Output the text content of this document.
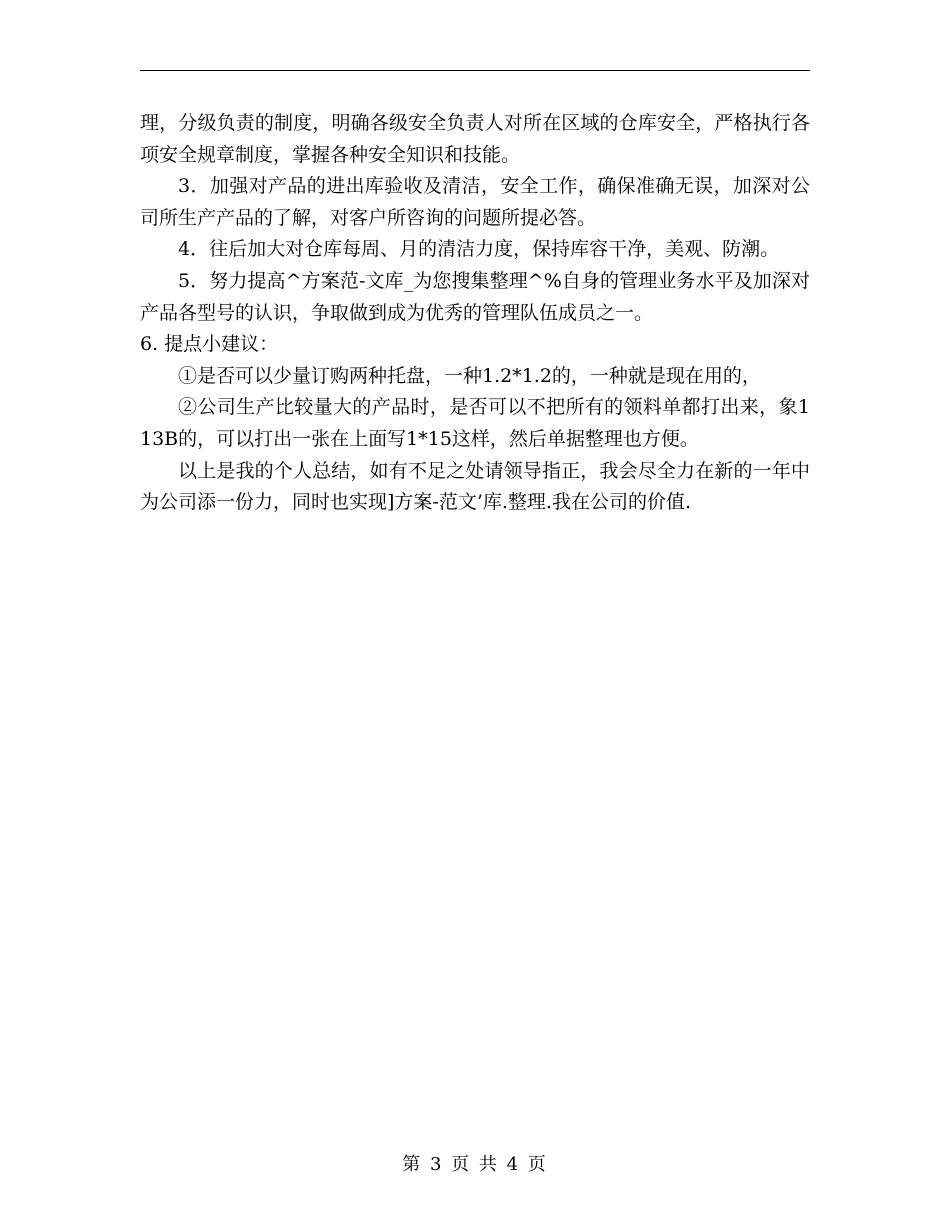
理，分级负责的制度，明确各级安全负责人对所在区域的仓库安全，严格执行各项安全规章制度，掌握各种安全知识和技能。

3．加强对产品的进出库验收及清洁，安全工作，确保准确无误，加深对公司所生产产品的了解，对客户所咨询的问题所提必答。

4．往后加大对仓库每周、月的清洁力度，保持库容干净，美观、防潮。

5．努力提高^方案范-文库_为您搜集整理^%自身的管理业务水平及加深对产品各型号的认识，争取做到成为优秀的管理队伍成员之一。

6. 提点小建议：

①是否可以少量订购两种托盘，一种1.2*1.2的，一种就是现在用的，

②公司生产比较量大的产品时，是否可以不把所有的领料单都打出来，象113B的，可以打出一张在上面写1*15这样，然后单据整理也方便。

以上是我的个人总结，如有不足之处请领导指正，我会尽全力在新的一年中为公司添一份力，同时也实现]方案-范文’库.整理.我在公司的价值.

第 3 页 共 4 页
